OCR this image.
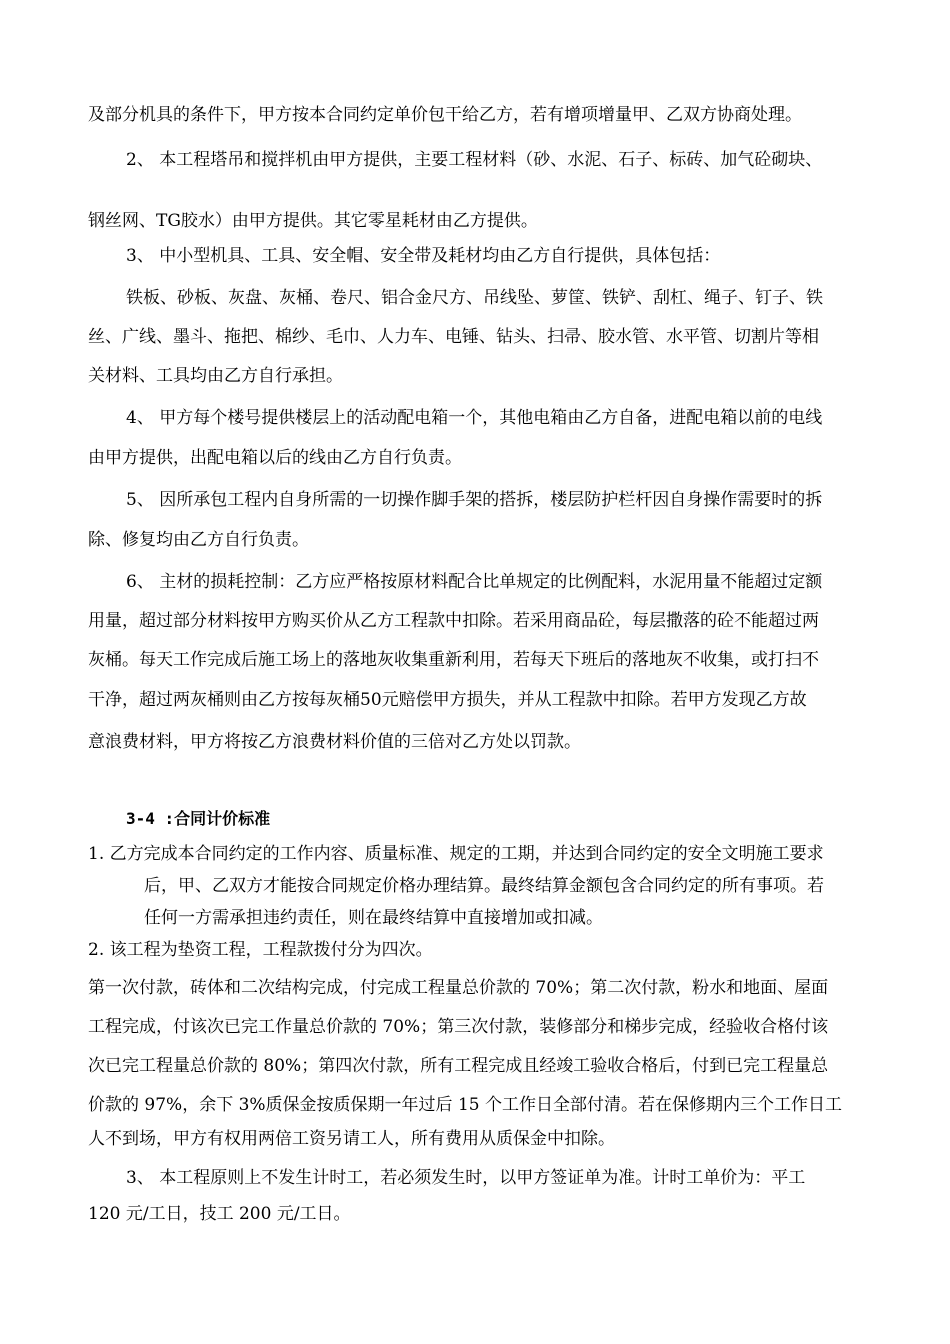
及部分机具的条件下，甲方按本合同约定单价包干给乙方，若有增项增量甲、乙双方协商处理。
2、 本工程塔吊和搅拌机由甲方提供，主要工程材料（砂、水泥、石子、标砖、加气砼砌块、
钢丝网、TG胶水）由甲方提供。其它零星耗材由乙方提供。
3、 中小型机具、工具、安全帽、安全带及耗材均由乙方自行提供，具体包括：
铁板、砂板、灰盘、灰桶、卷尺、铝合金尺方、吊线坠、萝筐、铁铲、刮杠、绳子、钉子、铁
丝、广线、墨斗、拖把、棉纱、毛巾、人力车、电锤、钻头、扫帚、胶水管、水平管、切割片等相
关材料、工具均由乙方自行承担。
4、 甲方每个楼号提供楼层上的活动配电箱一个，其他电箱由乙方自备，进配电箱以前的电线
由甲方提供，出配电箱以后的线由乙方自行负责。
5、 因所承包工程内自身所需的一切操作脚手架的搭拆，楼层防护栏杆因自身操作需要时的拆
除、修复均由乙方自行负责。
6、 主材的损耗控制：乙方应严格按原材料配合比单规定的比例配料，水泥用量不能超过定额
用量，超过部分材料按甲方购买价从乙方工程款中扣除。若采用商品砼，每层撒落的砼不能超过两
灰桶。每天工作完成后施工场上的落地灰收集重新利用，若每天下班后的落地灰不收集，或打扫不
干净，超过两灰桶则由乙方按每灰桶50元赔偿甲方损失，并从工程款中扣除。若甲方发现乙方故
意浪费材料，甲方将按乙方浪费材料价值的三倍对乙方处以罚款。
3-4 :合同计价标准
1. 乙方完成本合同约定的工作内容、质量标准、规定的工期，并达到合同约定的安全文明施工要求
后，甲、乙双方才能按合同规定价格办理结算。最终结算金额包含合同约定的所有事项。若
任何一方需承担违约责任，则在最终结算中直接增加或扣减。
2. 该工程为垫资工程，工程款拨付分为四次。
第一次付款，砖体和二次结构完成，付完成工程量总价款的 70%；第二次付款，粉水和地面、屋面
工程完成，付该次已完工作量总价款的 70%；第三次付款，装修部分和梯步完成，经验收合格付该
次已完工程量总价款的 80%；第四次付款，所有工程完成且经竣工验收合格后，付到已完工程量总
价款的 97%，余下 3%质保金按质保期一年过后 15 个工作日全部付清。若在保修期内三个工作日工
人不到场，甲方有权用两倍工资另请工人，所有费用从质保金中扣除。
3、 本工程原则上不发生计时工，若必须发生时，以甲方签证单为准。计时工单价为：平工
120 元/工日，技工 200 元/工日。
